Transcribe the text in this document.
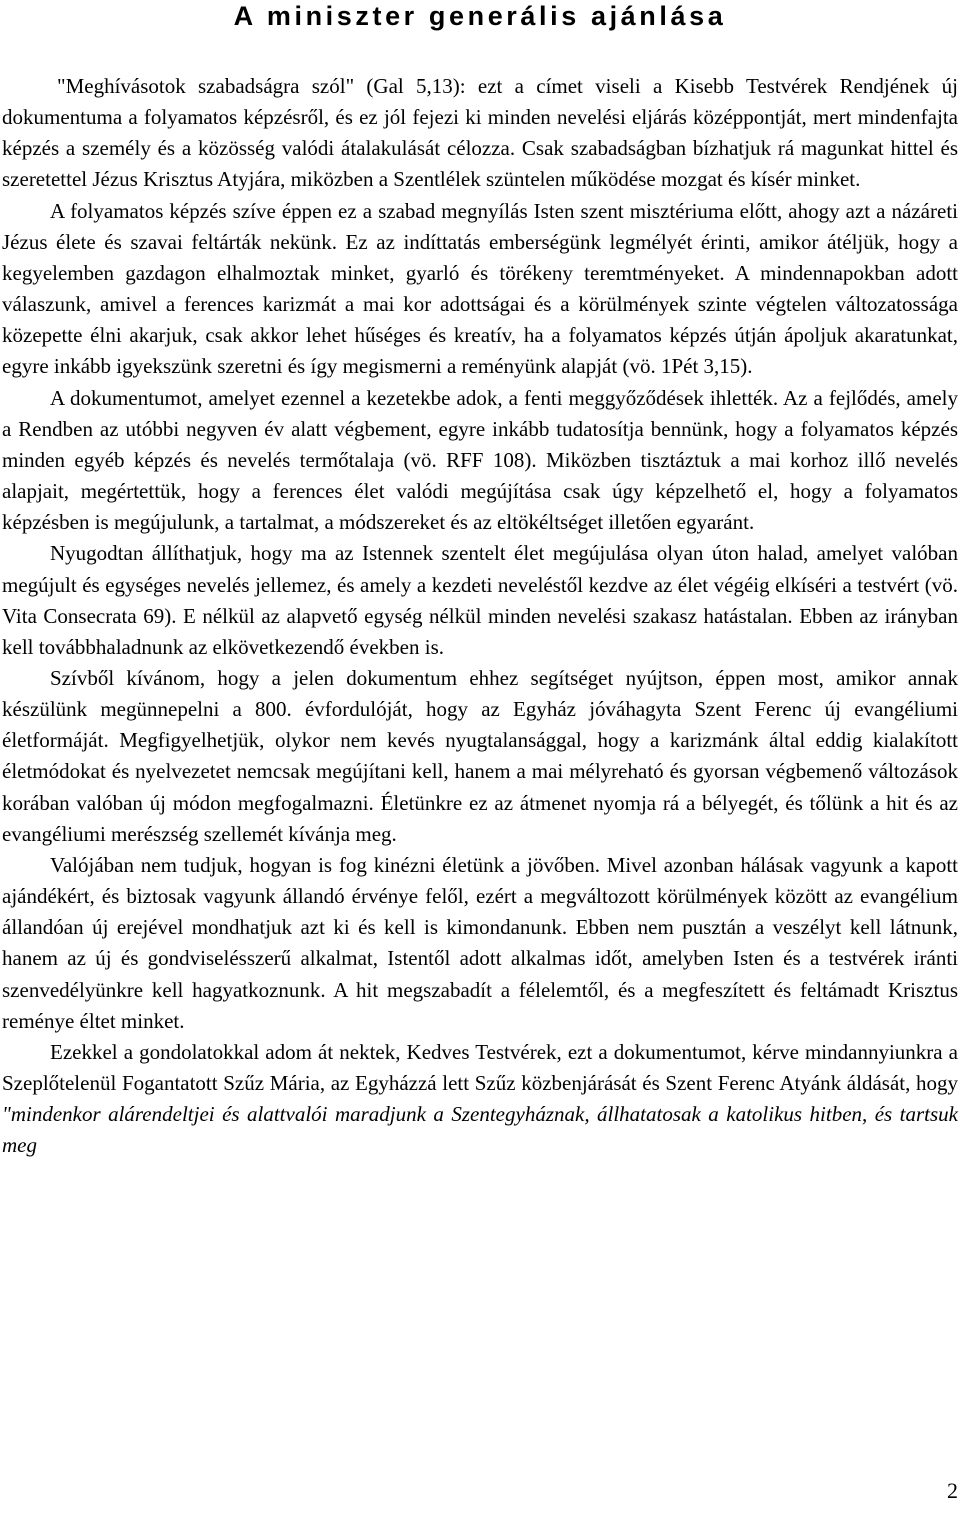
A miniszter generális ajánlása

"Meghívásotok szabadságra szól" (Gal 5,13): ezt a címet viseli a Kisebb Testvérek Rendjének új dokumentuma a folyamatos képzésről, és ez jól fejezi ki minden nevelési eljárás középpontját, mert mindenfajta képzés a személy és a közösség valódi átalakulását célozza. Csak szabadságban bízhatjuk rá magunkat hittel és szeretettel Jézus Krisztus Atyjára, miközben a Szentlélek szüntelen működése mozgat és kísér minket.

A folyamatos képzés szíve éppen ez a szabad megnyílás Isten szent misztériuma előtt, ahogy azt a názáreti Jézus élete és szavai feltárták nekünk. Ez az indíttatás emberségünk legmélyét érinti, amikor átéljük, hogy a kegyelemben gazdagon elhalmoztak minket, gyarló és törékeny teremtményeket. A mindennapokban adott válaszunk, amivel a ferences karizmát a mai kor adottságai és a körülmények szinte végtelen változatossága közepette élni akarjuk, csak akkor lehet hűséges és kreatív, ha a folyamatos képzés útján ápoljuk akaratunkat, egyre inkább igyekszünk szeretni és így megismerni a reményünk alapját (vö. 1Pét 3,15).

A dokumentumot, amelyet ezennel a kezetekbe adok, a fenti meggyőződések ihlették. Az a fejlődés, amely a Rendben az utóbbi negyven év alatt végbement, egyre inkább tudatosítja bennünk, hogy a folyamatos képzés minden egyéb képzés és nevelés termőtalaja (vö. RFF 108). Miközben tisztáztuk a mai korhoz illő nevelés alapjait, megértettük, hogy a ferences élet valódi megújítása csak úgy képzelhető el, hogy a folyamatos képzésben is megújulunk, a tartalmat, a módszereket és az eltökéltséget illetően egyaránt.

Nyugodtan állíthatjuk, hogy ma az Istennek szentelt élet megújulása olyan úton halad, amelyet valóban megújult és egységes nevelés jellemez, és amely a kezdeti neveléstől kezdve az élet végéig elkíséri a testvért (vö. Vita Consecrata 69). E nélkül az alapvető egység nélkül minden nevelési szakasz hatástalan. Ebben az irányban kell továbbhaladnunk az elkövetkezendő években is.

Szívből kívánom, hogy a jelen dokumentum ehhez segítséget nyújtson, éppen most, amikor annak készülünk megünnepelni a 800. évfordulóját, hogy az Egyház jóváhagyta Szent Ferenc új evangéliumi életformáját. Megfigyelhetjük, olykor nem kevés nyugtalansággal, hogy a karizmánk által eddig kialakított életmódokat és nyelvezetet nemcsak megújítani kell, hanem a mai mélyreható és gyorsan végbemenő változások korában valóban új módon megfogalmazni. Életünkre ez az átmenet nyomja rá a bélyegét, és tőlünk a hit és az evangéliumi merészség szellemét kívánja meg.

Valójában nem tudjuk, hogyan is fog kinézni életünk a jövőben. Mivel azonban hálásak vagyunk a kapott ajándékért, és biztosak vagyunk állandó érvénye felől, ezért a megváltozott körülmények között az evangélium állandóan új erejével mondhatjuk azt ki és kell is kimondanunk. Ebben nem pusztán a veszélyt kell látnunk, hanem az új és gondviselésszerű alkalmat, Istentől adott alkalmas időt, amelyben Isten és a testvérek iránti szenvedélyünkre kell hagyatkoznunk. A hit megszabadít a félelemtől, és a megfeszített és feltámadt Krisztus reménye éltet minket.

Ezekkel a gondolatokkal adom át nektek, Kedves Testvérek, ezt a dokumentumot, kérve mindannyiunkra a Szeplőtelenül Fogantatott Szűz Mária, az Egyházzá lett Szűz közbenjárását és Szent Ferenc Atyánk áldását, hogy "mindenkor alárendeltjei és alattvalói maradjunk a Szentegyháznak, állhatatosak a katolikus hitben, és tartsuk meg

2
